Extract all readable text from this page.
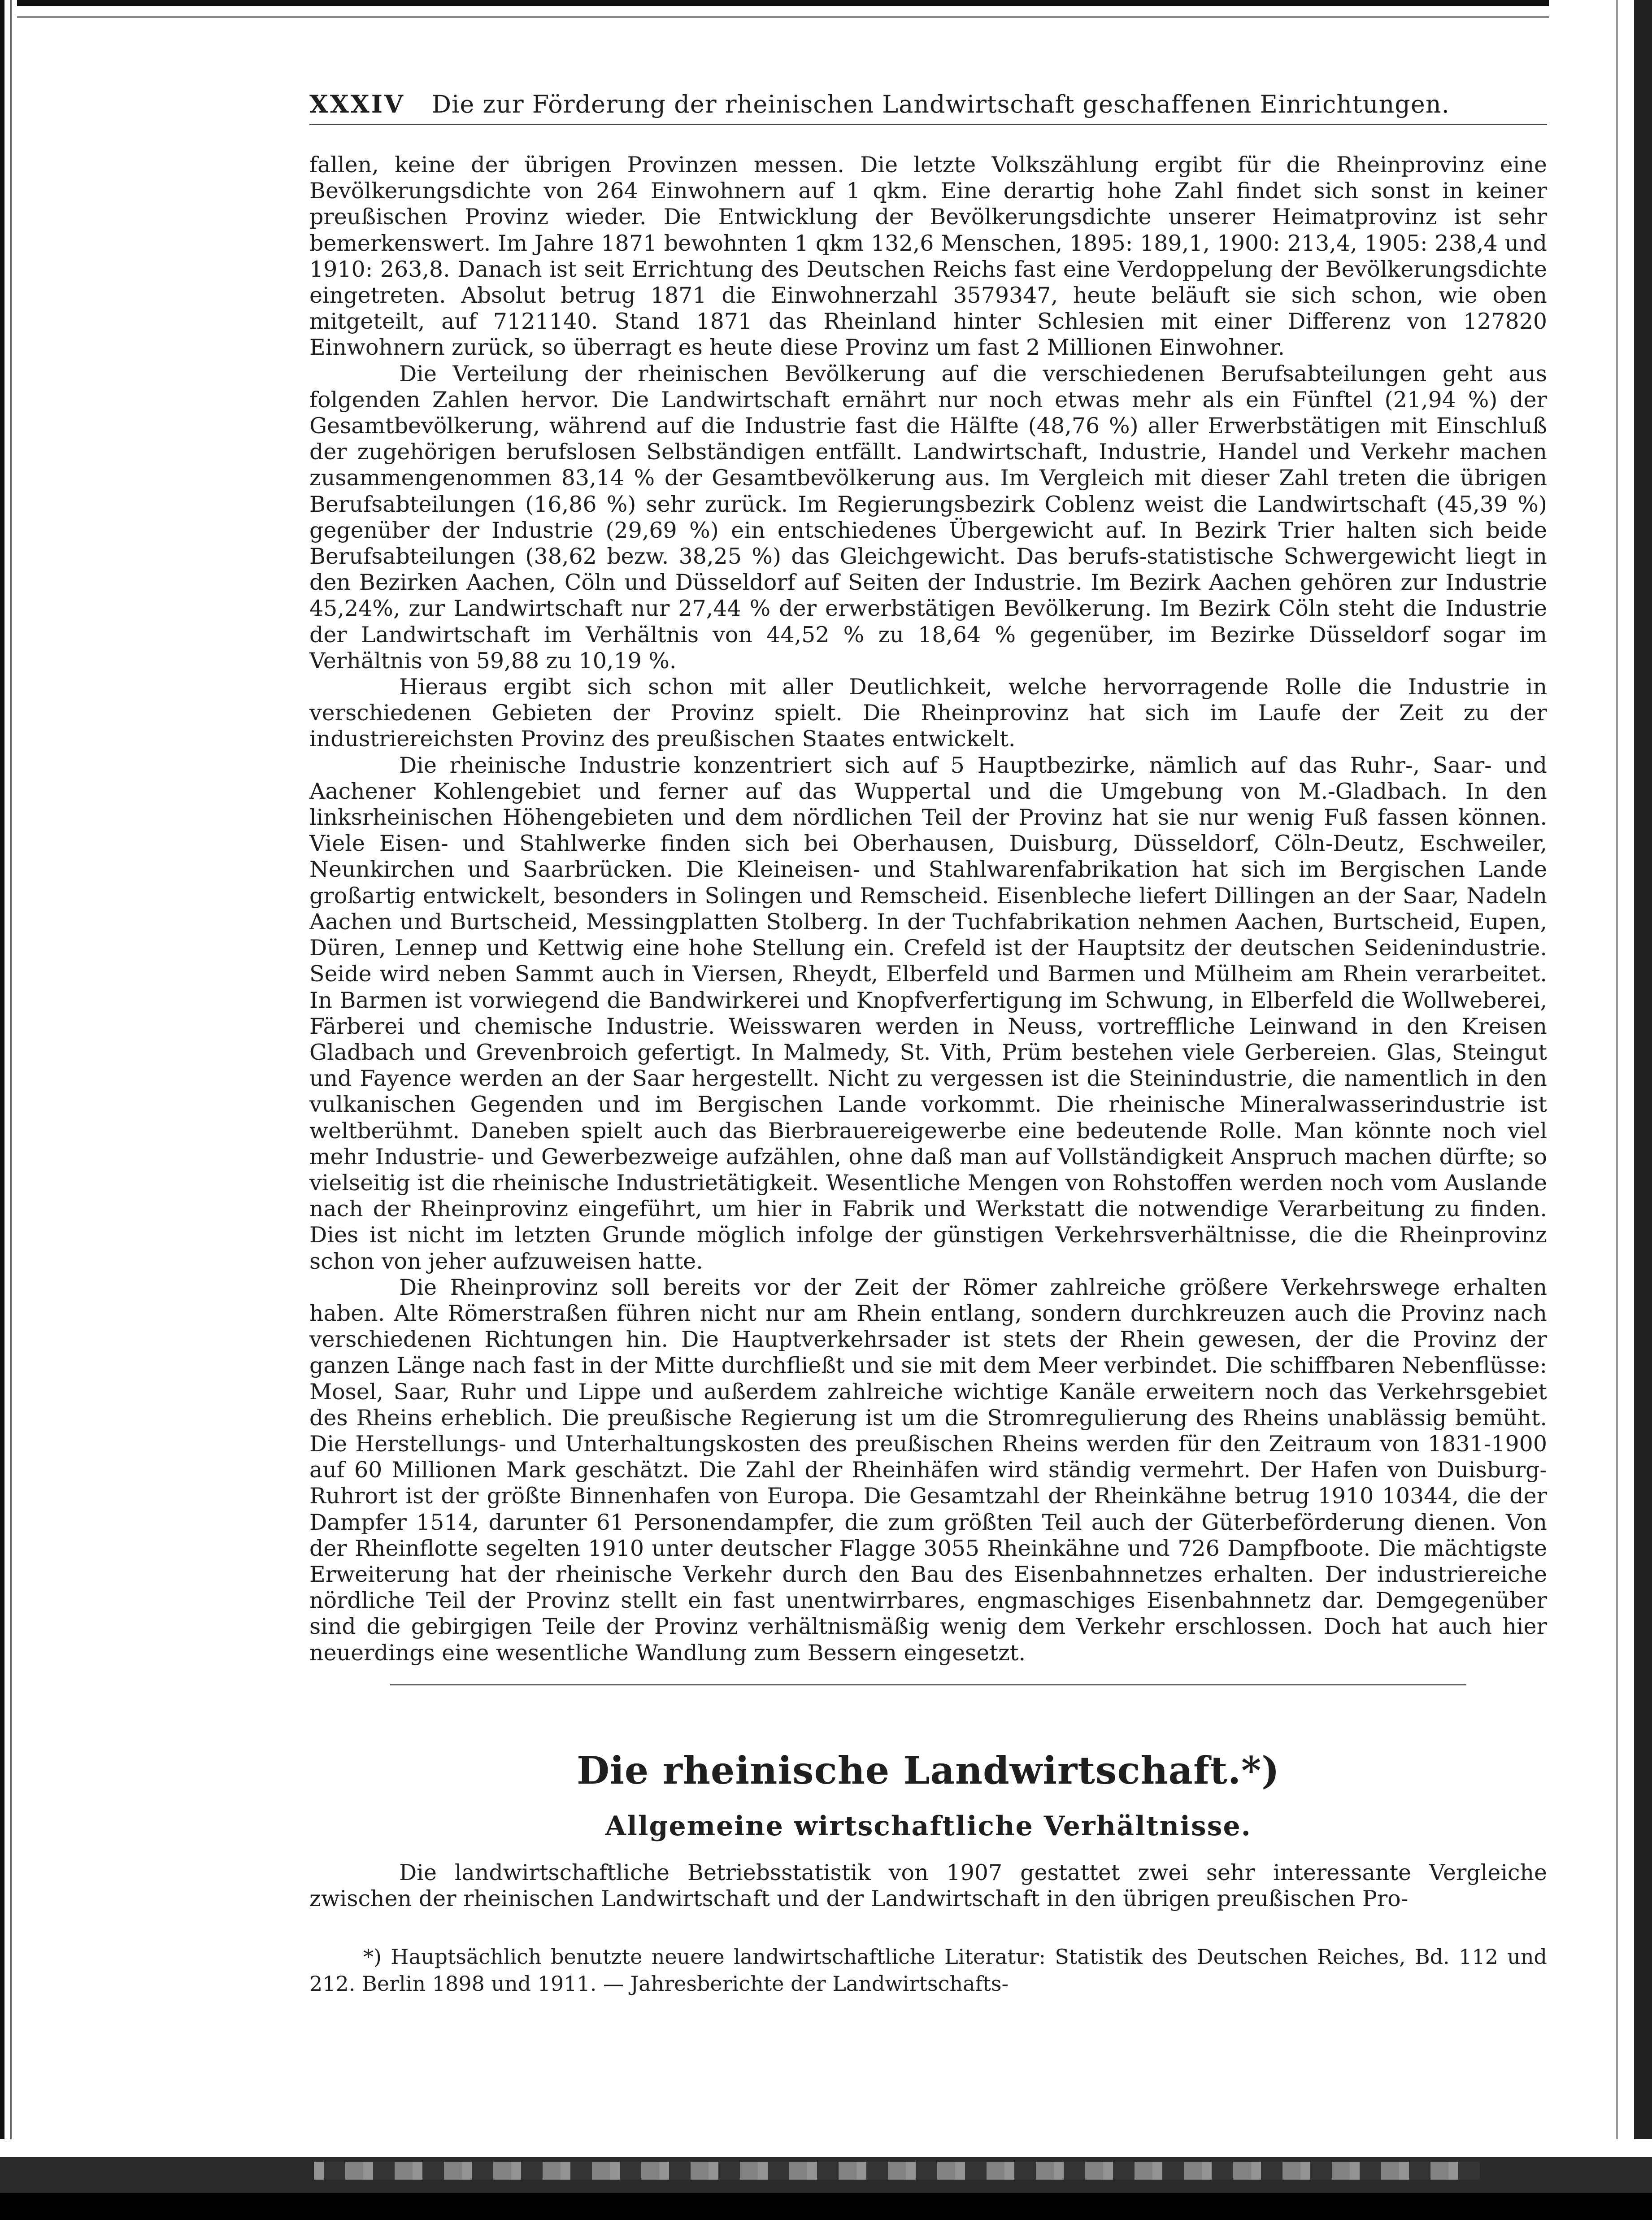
XXXIV Die zur Förderung der rheinischen Landwirtschaft geschaffenen Einrichtungen.

fallen, keine der übrigen Provinzen messen. Die letzte Volkszählung ergibt für die Rheinprovinz eine Bevölkerungsdichte von 264 Einwohnern auf 1 qkm. Eine derartig hohe Zahl findet sich sonst in keiner preußischen Provinz wieder. Die Entwicklung der Bevölkerungsdichte unserer Heimatprovinz ist sehr bemerkenswert. Im Jahre 1871 bewohnten 1 qkm 132,6 Menschen, 1895: 189,1, 1900: 213,4, 1905: 238,4 und 1910: 263,8. Danach ist seit Errichtung des Deutschen Reichs fast eine Verdoppelung der Bevölkerungsdichte eingetreten. Absolut betrug 1871 die Einwohnerzahl 3579347, heute beläuft sie sich schon, wie oben mitgeteilt, auf 7121140. Stand 1871 das Rheinland hinter Schlesien mit einer Differenz von 127820 Einwohnern zurück, so überragt es heute diese Provinz um fast 2 Millionen Einwohner.

Die Verteilung der rheinischen Bevölkerung auf die verschiedenen Berufsabteilungen geht aus folgenden Zahlen hervor. Die Landwirtschaft ernährt nur noch etwas mehr als ein Fünftel (21,94 %) der Gesamtbevölkerung, während auf die Industrie fast die Hälfte (48,76 %) aller Erwerbstätigen mit Einschluß der zugehörigen berufslosen Selbständigen entfällt. Landwirtschaft, Industrie, Handel und Verkehr machen zusammengenommen 83,14 % der Gesamtbevölkerung aus. Im Vergleich mit dieser Zahl treten die übrigen Berufsabteilungen (16,86 %) sehr zurück. Im Regierungsbezirk Coblenz weist die Landwirtschaft (45,39 %) gegenüber der Industrie (29,69 %) ein entschiedenes Übergewicht auf. In Bezirk Trier halten sich beide Berufsabteilungen (38,62 bezw. 38,25 %) das Gleichgewicht. Das berufs-statistische Schwergewicht liegt in den Bezirken Aachen, Cöln und Düsseldorf auf Seiten der Industrie. Im Bezirk Aachen gehören zur Industrie 45,24%, zur Landwirtschaft nur 27,44 % der erwerbstätigen Bevölkerung. Im Bezirk Cöln steht die Industrie der Landwirtschaft im Verhältnis von 44,52 % zu 18,64 % gegenüber, im Bezirke Düsseldorf sogar im Verhältnis von 59,88 zu 10,19 %.

Hieraus ergibt sich schon mit aller Deutlichkeit, welche hervorragende Rolle die Industrie in verschiedenen Gebieten der Provinz spielt. Die Rheinprovinz hat sich im Laufe der Zeit zu der industriereichsten Provinz des preußischen Staates entwickelt.

Die rheinische Industrie konzentriert sich auf 5 Hauptbezirke, nämlich auf das Ruhr-, Saar- und Aachener Kohlengebiet und ferner auf das Wuppertal und die Umgebung von M.-Gladbach. In den linksrheinischen Höhengebieten und dem nördlichen Teil der Provinz hat sie nur wenig Fuß fassen können. Viele Eisen- und Stahlwerke finden sich bei Oberhausen, Duisburg, Düsseldorf, Cöln-Deutz, Eschweiler, Neunkirchen und Saarbrücken. Die Kleineisen- und Stahlwarenfabrikation hat sich im Bergischen Lande großartig entwickelt, besonders in Solingen und Remscheid. Eisenbleche liefert Dillingen an der Saar, Nadeln Aachen und Burtscheid, Messingplatten Stolberg. In der Tuchfabrikation nehmen Aachen, Burtscheid, Eupen, Düren, Lennep und Kettwig eine hohe Stellung ein. Crefeld ist der Hauptsitz der deutschen Seidenindustrie. Seide wird neben Sammt auch in Viersen, Rheydt, Elberfeld und Barmen und Mülheim am Rhein verarbeitet. In Barmen ist vorwiegend die Bandwirkerei und Knopfverfertigung im Schwung, in Elberfeld die Wollweberei, Färberei und chemische Industrie. Weisswaren werden in Neuss, vortreffliche Leinwand in den Kreisen Gladbach und Grevenbroich gefertigt. In Malmedy, St. Vith, Prüm bestehen viele Gerbereien. Glas, Steingut und Fayence werden an der Saar hergestellt. Nicht zu vergessen ist die Steinindustrie, die namentlich in den vulkanischen Gegenden und im Bergischen Lande vorkommt. Die rheinische Mineralwasserindustrie ist weltberühmt. Daneben spielt auch das Bierbrauereigewerbe eine bedeutende Rolle. Man könnte noch viel mehr Industrie- und Gewerbezweige aufzählen, ohne daß man auf Vollständigkeit Anspruch machen dürfte; so vielseitig ist die rheinische Industrietätigkeit. Wesentliche Mengen von Rohstoffen werden noch vom Auslande nach der Rheinprovinz eingeführt, um hier in Fabrik und Werkstatt die notwendige Verarbeitung zu finden. Dies ist nicht im letzten Grunde möglich infolge der günstigen Verkehrsverhältnisse, die die Rheinprovinz schon von jeher aufzuweisen hatte.

Die Rheinprovinz soll bereits vor der Zeit der Römer zahlreiche größere Verkehrswege erhalten haben. Alte Römerstraßen führen nicht nur am Rhein entlang, sondern durchkreuzen auch die Provinz nach verschiedenen Richtungen hin. Die Hauptverkehrsader ist stets der Rhein gewesen, der die Provinz der ganzen Länge nach fast in der Mitte durchfließt und sie mit dem Meer verbindet. Die schiffbaren Nebenflüsse: Mosel, Saar, Ruhr und Lippe und außerdem zahlreiche wichtige Kanäle erweitern noch das Verkehrsgebiet des Rheins erheblich. Die preußische Regierung ist um die Stromregulierung des Rheins unablässig bemüht. Die Herstellungs- und Unterhaltungskosten des preußischen Rheins werden für den Zeitraum von 1831-1900 auf 60 Millionen Mark geschätzt. Die Zahl der Rheinhäfen wird ständig vermehrt. Der Hafen von Duisburg-Ruhrort ist der größte Binnenhafen von Europa. Die Gesamtzahl der Rheinkähne betrug 1910 10344, die der Dampfer 1514, darunter 61 Personendampfer, die zum größten Teil auch der Güterbeförderung dienen. Von der Rheinflotte segelten 1910 unter deutscher Flagge 3055 Rheinkähne und 726 Dampfboote. Die mächtigste Erweiterung hat der rheinische Verkehr durch den Bau des Eisenbahnnetzes erhalten. Der industriereiche nördliche Teil der Provinz stellt ein fast unentwirrbares, engmaschiges Eisenbahnnetz dar. Demgegenüber sind die gebirgigen Teile der Provinz verhältnismäßig wenig dem Verkehr erschlossen. Doch hat auch hier neuerdings eine wesentliche Wandlung zum Bessern eingesetzt.

Die rheinische Landwirtschaft.*)
Allgemeine wirtschaftliche Verhältnisse.

Die landwirtschaftliche Betriebsstatistik von 1907 gestattet zwei sehr interessante Vergleiche zwischen der rheinischen Landwirtschaft und der Landwirtschaft in den übrigen preußischen Pro-

*) Hauptsächlich benutzte neuere landwirtschaftliche Literatur: Statistik des Deutschen Reiches, Bd. 112 und 212. Berlin 1898 und 1911. — Jahresberichte der Landwirtschafts-
